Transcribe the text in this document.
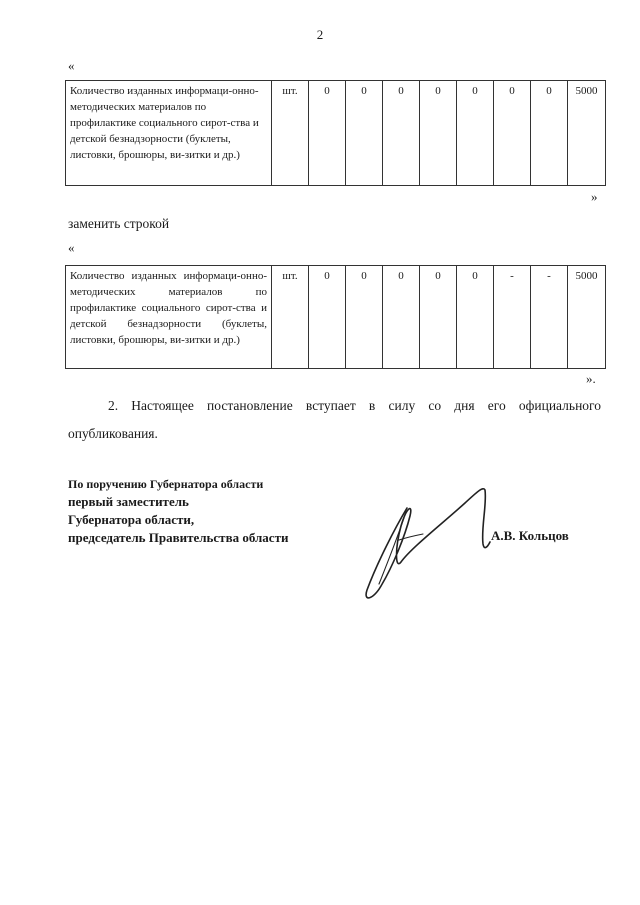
2
«
Количество изданных информаци-онно-методических материалов по профилактике социального сирот-ства и детской безнадзорности (буклеты, листовки, брошюры, ви-зитки и др.)	шт.	0	0	0	0	0	0	0	5000
»
заменить строкой
«
Количество изданных информаци-онно-методических материалов по профилактике социального сирот-ства и детской безнадзорности (буклеты, листовки, брошюры, ви-зитки и др.)	шт.	0	0	0	0	0	-	-	5000
».
2. Настоящее постановление вступает в силу со дня его официального опубликования.
По поручению Губернатора области
первый заместитель
Губернатора области,
председатель Правительства области	А.В. Кольцов
